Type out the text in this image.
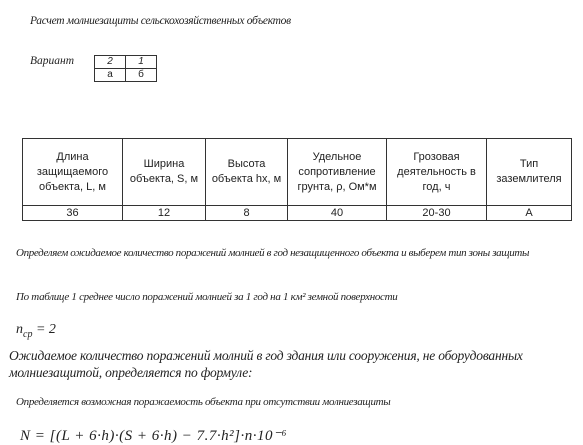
Расчет молниезащиты сельскохозяйственных объектов
Вариант	2	1
а	б
Длина защищаемого объекта, L, м	Ширина объекта, S, м	Высота объекта hx, м	Удельное сопротивление грунта, ρ, Ом*м	Грозовая деятельность в год, ч	Тип заземлителя
36	12	8	40	20-30	А
Определяем ожидаемое количество поражений молнией в год незащищенного объекта и выберем тип зоны защиты
По таблице 1 среднее число поражений молнией за 1 год на 1 км² земной поверхности
$n_{cp} = 2$
Ожидаемое количество поражений молний в год здания или сооружения, не оборудованных молниезащитой, определяется по формуле:
Определяется возможная поражаемость объекта при отсутствии молниезащиты
N = [(L + 6·h)·(S + 6·h) − 7.7·h²]·n·10⁻⁶
